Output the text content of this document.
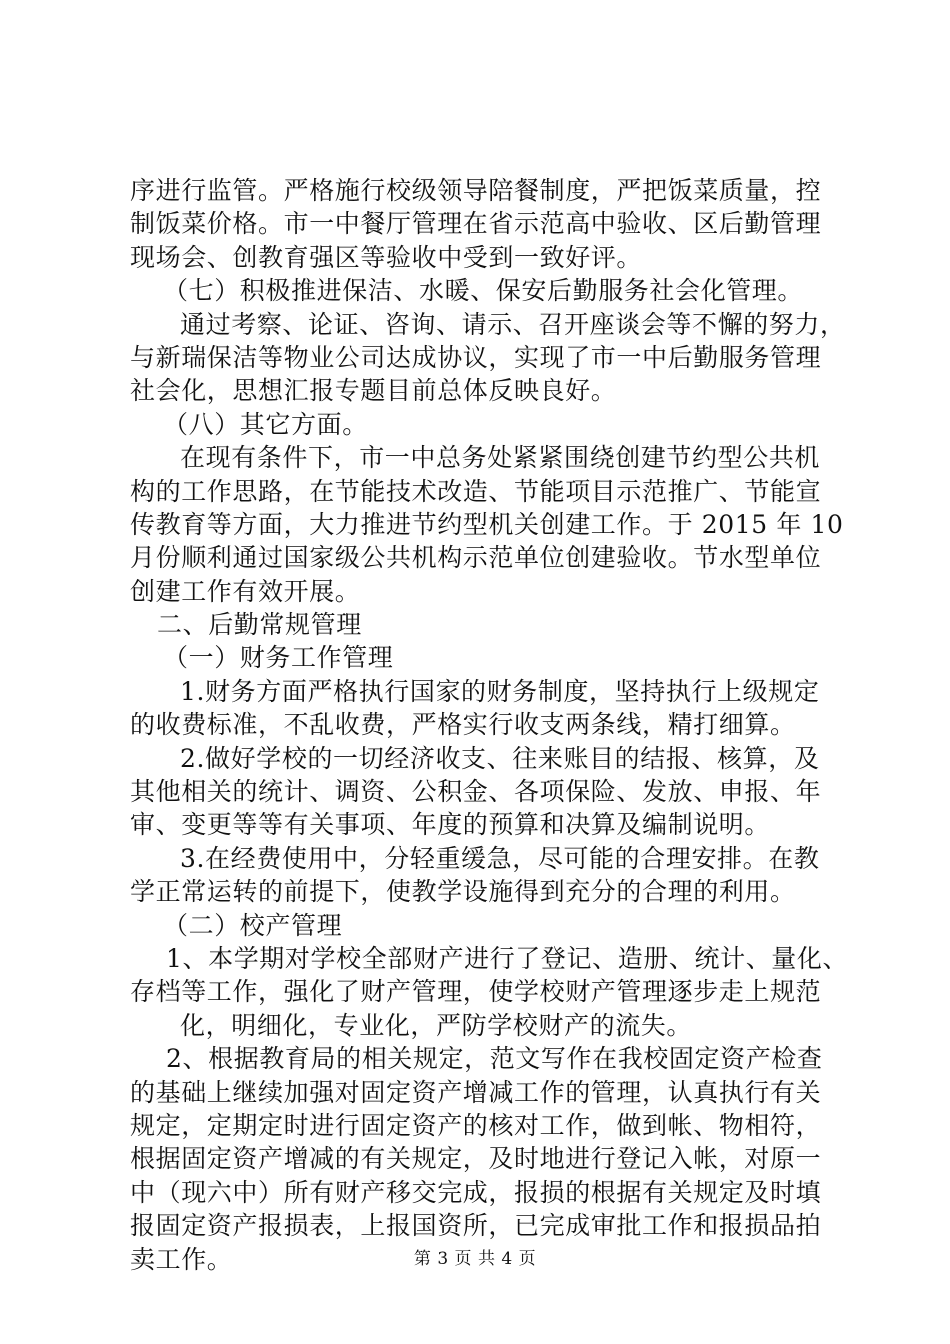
序进行监管。严格施行校级领导陪餐制度，严把饭菜质量，控
制饭菜价格。市一中餐厅管理在省示范高中验收、区后勤管理
现场会、创教育强区等验收中受到一致好评。
（七）积极推进保洁、水暖、保安后勤服务社会化管理。
通过考察、论证、咨询、请示、召开座谈会等不懈的努力，
与新瑞保洁等物业公司达成协议，实现了市一中后勤服务管理
社会化，思想汇报专题目前总体反映良好。
（八）其它方面。
在现有条件下，市一中总务处紧紧围绕创建节约型公共机
构的工作思路，在节能技术改造、节能项目示范推广、节能宣
传教育等方面，大力推进节约型机关创建工作。于 2015 年 10
月份顺利通过国家级公共机构示范单位创建验收。节水型单位
创建工作有效开展。
二、后勤常规管理
（一）财务工作管理
1.财务方面严格执行国家的财务制度，坚持执行上级规定
的收费标准，不乱收费，严格实行收支两条线，精打细算。
2.做好学校的一切经济收支、往来账目的结报、核算，及
其他相关的统计、调资、公积金、各项保险、发放、申报、年
审、变更等等有关事项、年度的预算和决算及编制说明。
3.在经费使用中，分轻重缓急，尽可能的合理安排。在教
学正常运转的前提下，使教学设施得到充分的合理的利用。
（二）校产管理
1、本学期对学校全部财产进行了登记、造册、统计、量化、
存档等工作，强化了财产管理，使学校财产管理逐步走上规范
化，明细化，专业化，严防学校财产的流失。
2、根据教育局的相关规定，范文写作在我校固定资产检查
的基础上继续加强对固定资产增减工作的管理，认真执行有关
规定，定期定时进行固定资产的核对工作，做到帐、物相符，
根据固定资产增减的有关规定，及时地进行登记入帐，对原一
中（现六中）所有财产移交完成，报损的根据有关规定及时填
报固定资产报损表，上报国资所，已完成审批工作和报损品拍
卖工作。	第 3 页 共 4 页
